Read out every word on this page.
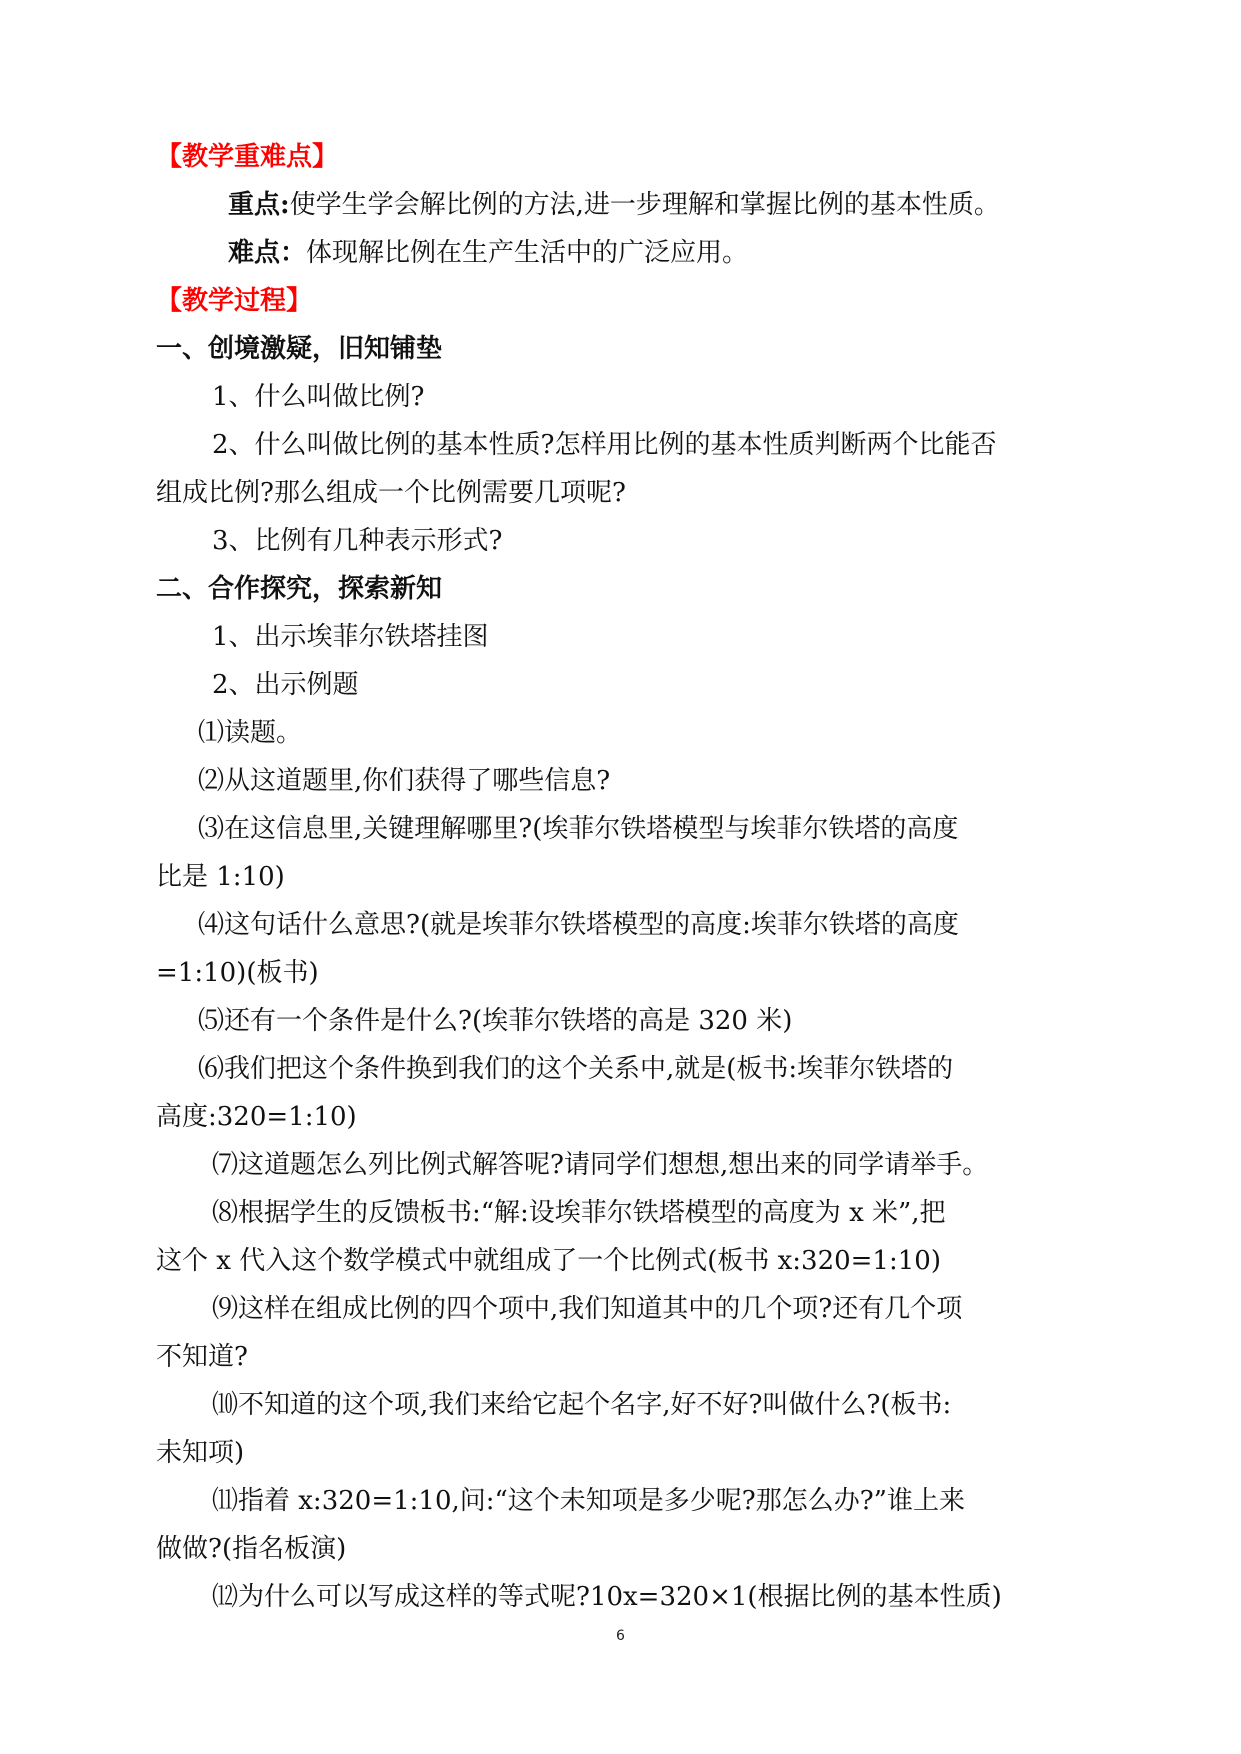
【教学重难点】
重点:使学生学会解比例的方法,进一步理解和掌握比例的基本性质。
难点：体现解比例在生产生活中的广泛应用。
【教学过程】
一、创境激疑，旧知铺垫
1、什么叫做比例?
2、什么叫做比例的基本性质?怎样用比例的基本性质判断两个比能否
组成比例?那么组成一个比例需要几项呢?
3、比例有几种表示形式?
二、合作探究，探索新知
1、出示埃菲尔铁塔挂图
2、出示例题
⑴读题。
⑵从这道题里,你们获得了哪些信息?
⑶在这信息里,关键理解哪里?(埃菲尔铁塔模型与埃菲尔铁塔的高度
比是 1:10)
⑷这句话什么意思?(就是埃菲尔铁塔模型的高度:埃菲尔铁塔的高度
=1:10)(板书)
⑸还有一个条件是什么?(埃菲尔铁塔的高是 320 米)
⑹我们把这个条件换到我们的这个关系中,就是(板书:埃菲尔铁塔的
高度:320=1:10)
⑺这道题怎么列比例式解答呢?请同学们想想,想出来的同学请举手。
⑻根据学生的反馈板书:“解:设埃菲尔铁塔模型的高度为 x 米”,把
这个 x 代入这个数学模式中就组成了一个比例式(板书 x:320=1:10)
⑼这样在组成比例的四个项中,我们知道其中的几个项?还有几个项
不知道?
⑽不知道的这个项,我们来给它起个名字,好不好?叫做什么?(板书:
未知项)
⑾指着 x:320=1:10,问:“这个未知项是多少呢?那怎么办?”谁上来
做做?(指名板演)
⑿为什么可以写成这样的等式呢?10x=320×1(根据比例的基本性质)
6
